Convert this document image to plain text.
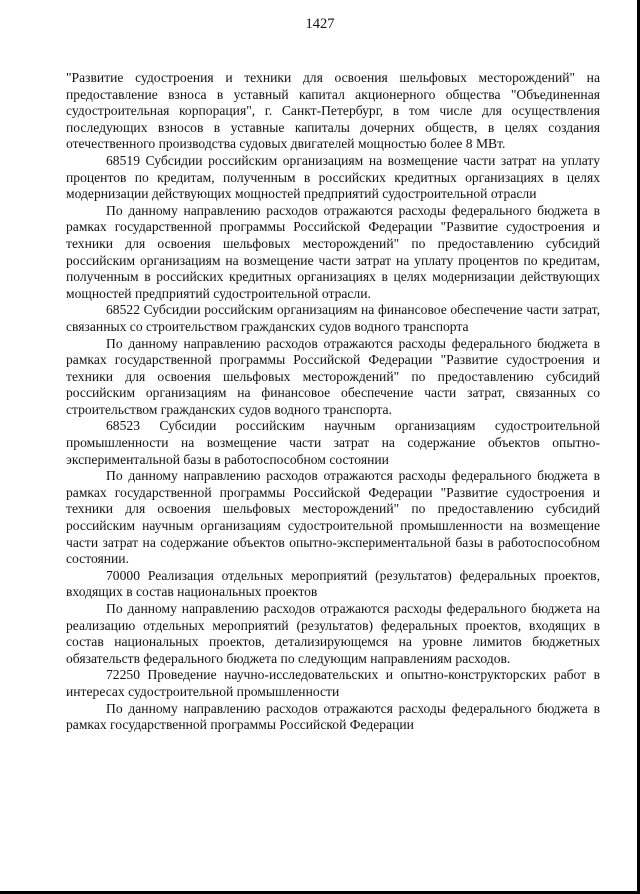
1427

"Развитие судостроения и техники для освоения шельфовых месторождений" на предоставление взноса в уставный капитал акционерного общества "Объединенная судостроительная корпорация", г. Санкт-Петербург, в том числе для осуществления последующих взносов в уставные капиталы дочерних обществ, в целях создания отечественного производства судовых двигателей мощностью более 8 МВт.

68519 Субсидии российским организациям на возмещение части затрат на уплату процентов по кредитам, полученным в российских кредитных организациях в целях модернизации действующих мощностей предприятий судостроительной отрасли

По данному направлению расходов отражаются расходы федерального бюджета в рамках государственной программы Российской Федерации "Развитие судостроения и техники для освоения шельфовых месторождений" по предоставлению субсидий российским организациям на возмещение части затрат на уплату процентов по кредитам, полученным в российских кредитных организациях в целях модернизации действующих мощностей предприятий судостроительной отрасли.

68522 Субсидии российским организациям на финансовое обеспечение части затрат, связанных со строительством гражданских судов водного транспорта

По данному направлению расходов отражаются расходы федерального бюджета в рамках государственной программы Российской Федерации "Развитие судостроения и техники для освоения шельфовых месторождений" по предоставлению субсидий российским организациям на финансовое обеспечение части затрат, связанных со строительством гражданских судов водного транспорта.

68523 Субсидии российским научным организациям судостроительной промышленности на возмещение части затрат на содержание объектов опытно-экспериментальной базы в работоспособном состоянии

По данному направлению расходов отражаются расходы федерального бюджета в рамках государственной программы Российской Федерации "Развитие судостроения и техники для освоения шельфовых месторождений" по предоставлению субсидий российским научным организациям судостроительной промышленности на возмещение части затрат на содержание объектов опытно-экспериментальной базы в работоспособном состоянии.

70000 Реализация отдельных мероприятий (результатов) федеральных проектов, входящих в состав национальных проектов

По данному направлению расходов отражаются расходы федерального бюджета на реализацию отдельных мероприятий (результатов) федеральных проектов, входящих в состав национальных проектов, детализирующемся на уровне лимитов бюджетных обязательств федерального бюджета по следующим направлениям расходов.

72250 Проведение научно-исследовательских и опытно-конструкторских работ в интересах судостроительной промышленности

По данному направлению расходов отражаются расходы федерального бюджета в рамках государственной программы Российской Федерации
